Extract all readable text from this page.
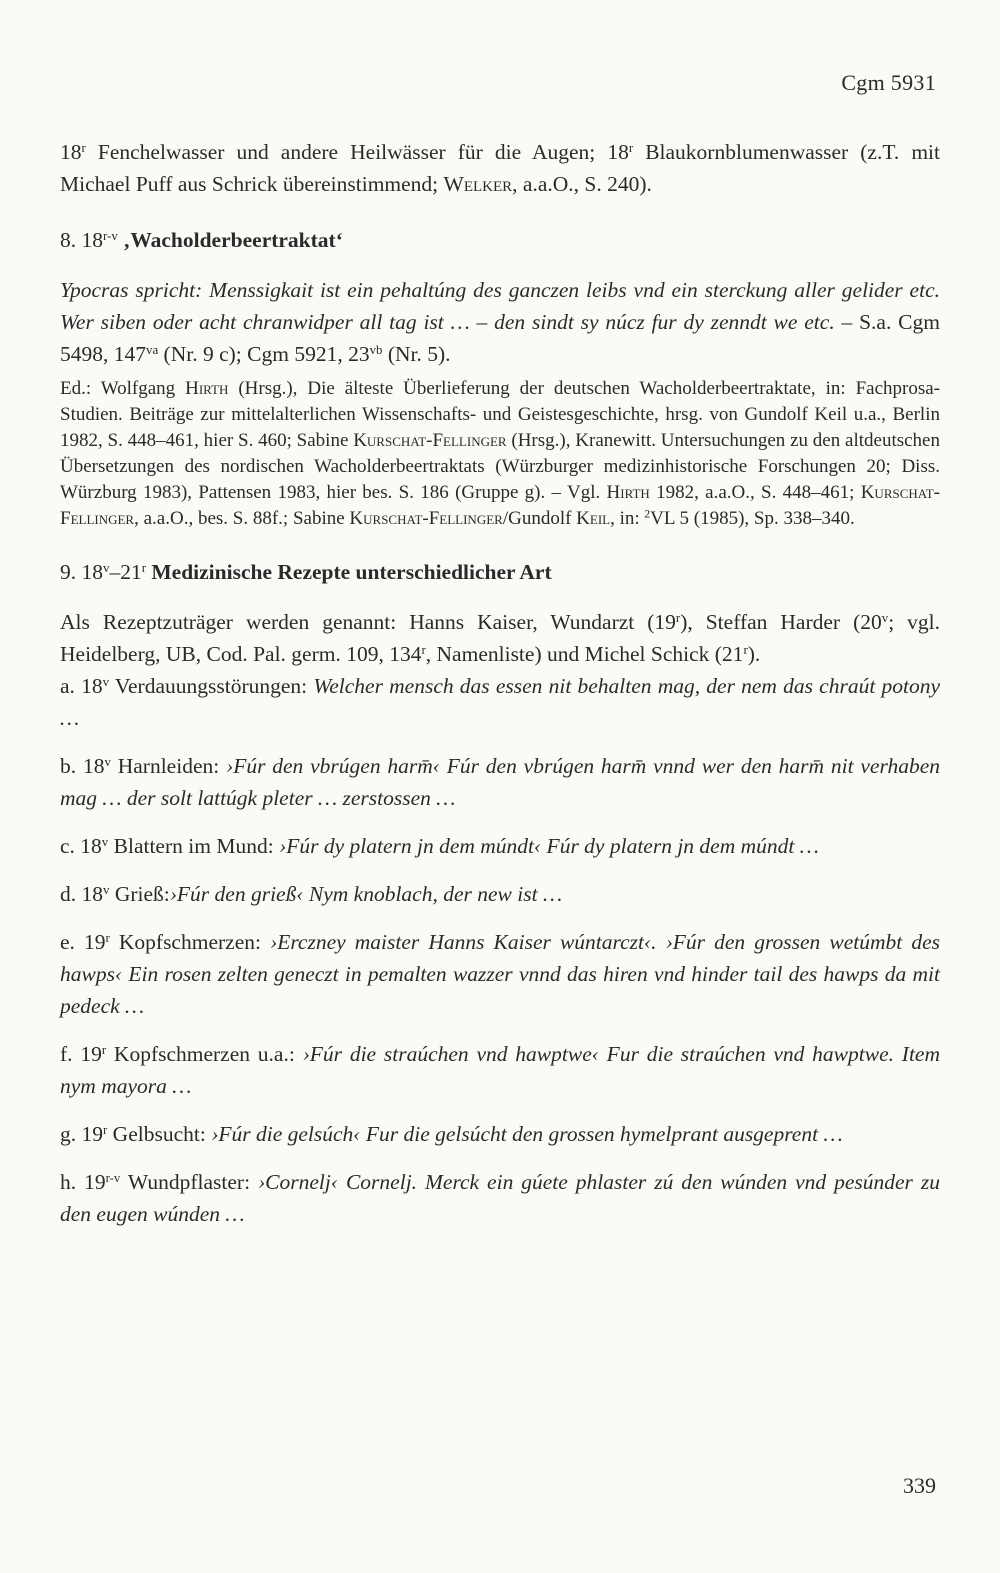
Cgm 5931

18$^r$ Fenchelwasser und andere Heilwässer für die Augen; 18$^r$ Blaukornblumenwasser (z.T. mit Michael Puff aus Schrick übereinstimmend; Welker, a.a.O., S. 240).

8. 18$^{r-v}$ ‚Wacholderbeertraktat‘

Ypocras spricht: Menssigkait ist ein pehaltúng des ganczen leibs vnd ein sterckung aller gelider etc. Wer siben oder acht chranwidper all tag ist … – den sindt sy núcz fur dy zenndt we etc. – S.a. Cgm 5498, $147^{va}$ (Nr. 9 c); Cgm 5921, $23^{vb}$ (Nr. 5).

Ed.: Wolfgang Hirth (Hrsg.), Die älteste Überlieferung der deutschen Wacholderbeertraktate, in: Fachprosa-Studien. Beiträge zur mittelalterlichen Wissenschafts- und Geistesgeschichte, hrsg. von Gundolf Keil u.a., Berlin 1982, S. 448–461, hier S. 460; Sabine Kurschat-Fellinger (Hrsg.), Kranewitt. Untersuchungen zu den altdeutschen Übersetzungen des nordischen Wacholderbeertraktats (Würzburger medizinhistorische Forschungen 20; Diss. Würzburg 1983), Pattensen 1983, hier bes. S. 186 (Gruppe g). – Vgl. Hirth 1982, a.a.O., S. 448–461; Kurschat-Fellinger, a.a.O., bes. S. 88f.; Sabine Kurschat-Fellinger/Gundolf Keil, in: $^2$VL 5 (1985), Sp. 338–340.

9. 18$^v$–21$^r$ Medizinische Rezepte unterschiedlicher Art

Als Rezeptzuträger werden genannt: Hanns Kaiser, Wundarzt (19$^r$), Steffan Harder (20$^v$; vgl. Heidelberg, UB, Cod. Pal. germ. 109, 134$^r$, Namenliste) und Michel Schick (21$^r$).

a. 18$^v$ Verdauungsstörungen: Welcher mensch das essen nit behalten mag, der nem das chraút potony …

b. 18$^v$ Harnleiden: ›Fúr den vbrúgen harm̄‹ Fúr den vbrúgen harm̄ vnnd wer den harm̄ nit verhaben mag … der solt lattúgk pleter … zerstossen …

c. 18$^v$ Blattern im Mund: ›Fúr dy platern jn dem múndt‹ Fúr dy platern jn dem múndt …

d. 18$^v$ Grieß:›Fúr den grieß‹ Nym knoblach, der new ist …

e. 19$^r$ Kopfschmerzen: ›Erczney maister Hanns Kaiser wúntarczt‹. ›Fúr den grossen wetúmbt des hawps‹ Ein rosen zelten geneczt in pemalten wazzer vnnd das hiren vnd hinder tail des hawps da mit pedeck …

f. 19$^r$ Kopfschmerzen u.a.: ›Fúr die straúchen vnd hawptwe‹ Fur die straúchen vnd hawptwe. Item nym mayora …

g. 19$^r$ Gelbsucht: ›Fúr die gelsúch‹ Fur die gelsúcht den grossen hymelprant ausgeprent …

h. 19$^{r-v}$ Wundpflaster: ›Cornelj‹ Cornelj. Merck ein gúete phlaster zú den wúnden vnd pesúnder zu den eugen wúnden …

339
